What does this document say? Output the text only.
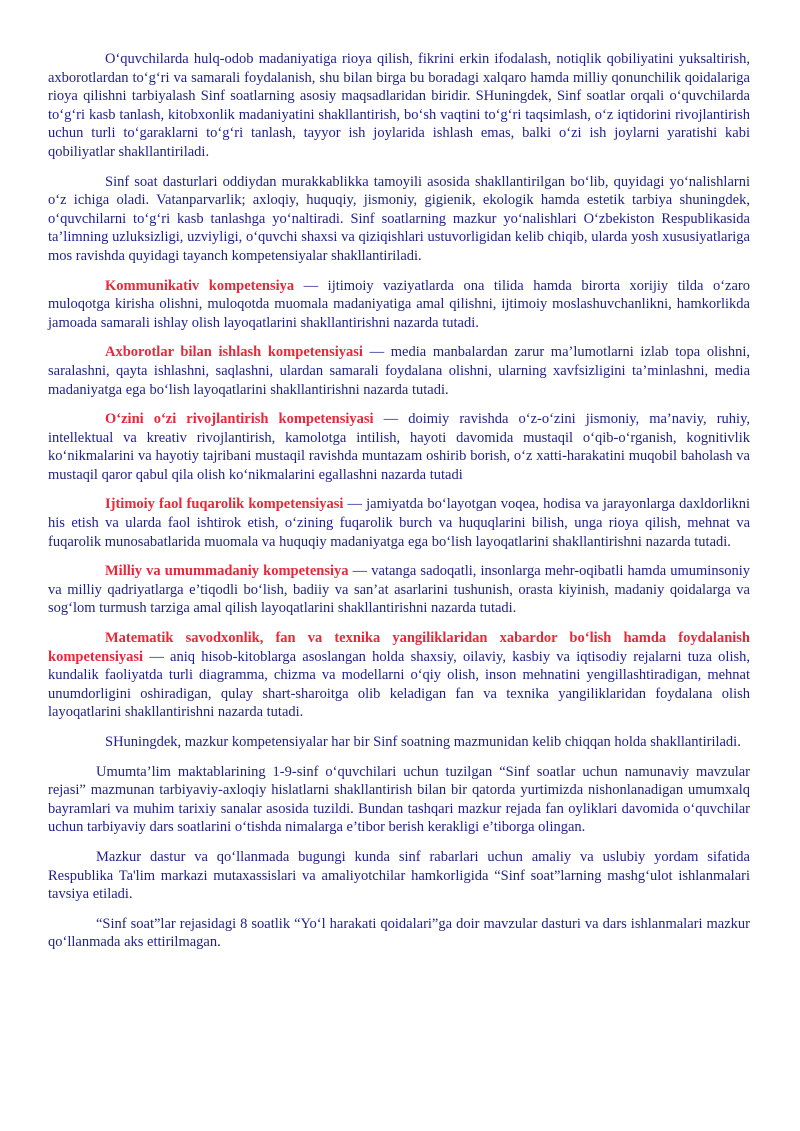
O‘quvchilarda hulq-odob madaniyatiga rioya qilish, fikrini erkin ifodalash, notiqlik qobiliyatini yuksaltirish, axborotlardan to‘g‘ri va samarali foydalanish, shu bilan birga bu boradagi xalqaro hamda milliy qonunchilik qoidalariga rioya qilishni tarbiyalash Sinf soatlarning asosiy maqsadlaridan biridir. SHuningdek, Sinf soatlar orqali o‘quvchilarda to‘g‘ri kasb tanlash, kitobxonlik madaniyatini shakllantirish, bo‘sh vaqtini to‘g‘ri taqsimlash, o‘z iqtidorini rivojlantirish uchun turli to‘garaklarni to‘g‘ri tanlash, tayyor ish joylarida ishlash emas, balki o‘zi ish joylarni yaratishi kabi qobiliyatlar shakllantiriladi.

Sinf soat dasturlari oddiydan murakkablikka tamoyili asosida shakllantirilgan bo‘lib, quyidagi yo‘nalishlarni o‘z ichiga oladi. Vatanparvarlik; axloqiy, huquqiy, jismoniy, gigienik, ekologik hamda estetik tarbiya shuningdek, o‘quvchilarni to‘g‘ri kasb tanlashga yo‘naltiradi. Sinf soatlarning mazkur yo‘nalishlari O‘zbekiston Respublikasida ta’limning uzluksizligi, uzviyligi, o‘quvchi shaxsi va qiziqishlari ustuvorligidan kelib chiqib, ularda yosh xususiyatlariga mos ravishda quyidagi tayanch kompetensiyalar shakllantiriladi.

Kommunikativ kompetensiya — ijtimoiy vaziyatlarda ona tilida hamda birorta xorijiy tilda o‘zaro muloqotga kirisha olishni, muloqotda muomala madaniyatiga amal qilishni, ijtimoiy moslashuvchanlikni, hamkorlikda jamoada samarali ishlay olish layoqatlarini shakllantirishni nazarda tutadi.

Axborotlar bilan ishlash kompetensiyasi — media manbalardan zarur ma’lumotlarni izlab topa olishni, saralashni, qayta ishlashni, saqlashni, ulardan samarali foydalana olishni, ularning xavfsizligini ta’minlashni, media madaniyatga ega bo‘lish layoqatlarini shakllantirishni nazarda tutadi.

O‘zini o‘zi rivojlantirish kompetensiyasi — doimiy ravishda o‘z-o‘zini jismoniy, ma’naviy, ruhiy, intellektual va kreativ rivojlantirish, kamolotga intilish, hayoti davomida mustaqil o‘qib-o‘rganish, kognitivlik ko‘nikmalarini va hayotiy tajribani mustaqil ravishda muntazam oshirib borish, o‘z xatti-harakatini muqobil baholash va mustaqil qaror qabul qila olish ko‘nikmalarini egallashni nazarda tutadi

Ijtimoiy faol fuqarolik kompetensiyasi — jamiyatda bo‘layotgan voqea, hodisa va jarayonlarga daxldorlikni his etish va ularda faol ishtirok etish, o‘zining fuqarolik burch va huquqlarini bilish, unga rioya qilish, mehnat va fuqarolik munosabatlarida muomala va huquqiy madaniyatga ega bo‘lish layoqatlarini shakllantirishni nazarda tutadi.

Milliy va umummadaniy kompetensiya — vatanga sadoqatli, insonlarga mehr-oqibatli hamda umuminsoniy va milliy qadriyatlarga e’tiqodli bo‘lish, badiiy va san’at asarlarini tushunish, orasta kiyinish, madaniy qoidalarga va sog‘lom turmush tarziga amal qilish layoqatlarini shakllantirishni nazarda tutadi.

Matematik savodxonlik, fan va texnika yangiliklaridan xabardor bo‘lish hamda foydalanish kompetensiyasi — aniq hisob-kitoblarga asoslangan holda shaxsiy, oilaviy, kasbiy va iqtisodiy rejalarni tuza olish, kundalik faoliyatda turli diagramma, chizma va modellarni o‘qiy olish, inson mehnatini yengillashtiradigan, mehnat unumdorligini oshiradigan, qulay shart-sharoitga olib keladigan fan va texnika yangiliklaridan foydalana olish layoqatlarini shakllantirishni nazarda tutadi.

SHuningdek, mazkur kompetensiyalar har bir Sinf soatning mazmunidan kelib chiqqan holda shakllantiriladi.

Umumta’lim maktablarining 1-9-sinf o‘quvchilari uchun tuzilgan “Sinf soatlar uchun namunaviy mavzular rejasi” mazmunan tarbiyaviy-axloqiy hislatlarni shakllantirish bilan bir qatorda yurtimizda nishonlanadigan umumxalq bayramlari va muhim tarixiy sanalar asosida tuzildi. Bundan tashqari mazkur rejada fan oyliklari davomida o‘quvchilar uchun tarbiyaviy dars soatlarini o‘tishda nimalarga e’tibor berish kerakligi e’tiborga olingan.

Mazkur dastur va qo‘llanmada bugungi kunda sinf rabarlari uchun amaliy va uslubiy yordam sifatida Respublika Ta'lim markazi mutaxassislari va amaliyotchilar hamkorligida “Sinf soat”larning mashg‘ulot ishlanmalari tavsiya etiladi.

“Sinf soat”lar rejasidagi 8 soatlik “Yo‘l harakati qoidalari”ga doir mavzular dasturi va dars ishlanmalari mazkur qo‘llanmada aks ettirilmagan.
